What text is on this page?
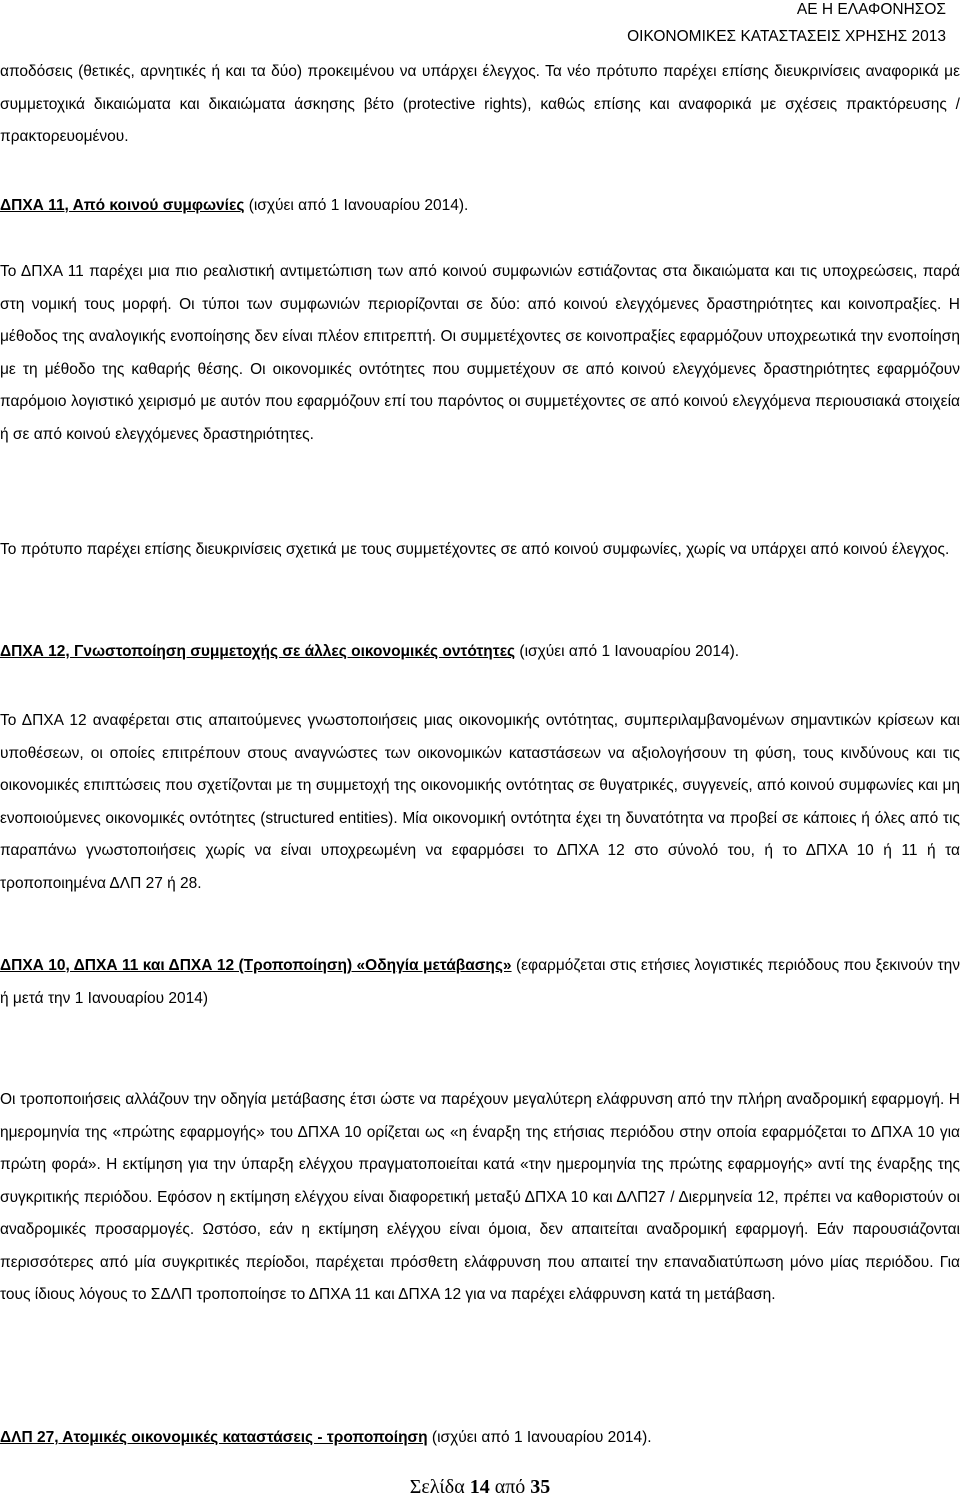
ΑΕ Η ΕΛΑΦΟΝΗΣΟΣ
ΟΙΚΟΝΟΜΙΚΕΣ ΚΑΤΑΣΤΑΣΕΙΣ ΧΡΗΣΗΣ 2013
αποδόσεις (θετικές, αρνητικές ή και τα δύο) προκειμένου να υπάρχει έλεγχος. Τα νέο πρότυπο παρέχει επίσης διευκρινίσεις αναφορικά με συμμετοχικά δικαιώματα και δικαιώματα άσκησης βέτο (protective rights), καθώς επίσης και αναφορικά με σχέσεις πρακτόρευσης / πρακτορευομένου.
ΔΠΧΑ 11, Από κοινού συμφωνίες (ισχύει από 1 Ιανουαρίου 2014).
Το ΔΠΧΑ 11 παρέχει μια πιο ρεαλιστική αντιμετώπιση των από κοινού συμφωνιών εστιάζοντας στα δικαιώματα και τις υποχρεώσεις, παρά στη νομική τους μορφή. Οι τύποι των συμφωνιών περιορίζονται σε δύο: από κοινού ελεγχόμενες δραστηριότητες και κοινοπραξίες. Η μέθοδος της αναλογικής ενοποίησης δεν είναι πλέον επιτρεπτή. Οι συμμετέχοντες σε κοινοπραξίες εφαρμόζουν υποχρεωτικά την ενοποίηση με τη μέθοδο της καθαρής θέσης. Οι οικονομικές οντότητες που συμμετέχουν σε από κοινού ελεγχόμενες δραστηριότητες εφαρμόζουν παρόμοιο λογιστικό χειρισμό με αυτόν που εφαρμόζουν επί του παρόντος οι συμμετέχοντες σε από κοινού ελεγχόμενα περιουσιακά στοιχεία ή σε από κοινού ελεγχόμενες δραστηριότητες.
Το πρότυπο παρέχει επίσης διευκρινίσεις σχετικά με τους συμμετέχοντες σε από κοινού συμφωνίες, χωρίς να υπάρχει από κοινού έλεγχος.
ΔΠΧΑ 12, Γνωστοποίηση συμμετοχής σε άλλες οικονομικές οντότητες (ισχύει από 1 Ιανουαρίου 2014).
Το ΔΠΧΑ 12 αναφέρεται στις απαιτούμενες γνωστοποιήσεις μιας οικονομικής οντότητας, συμπεριλαμβανομένων σημαντικών κρίσεων και υποθέσεων, οι οποίες επιτρέπουν στους αναγνώστες των οικονομικών καταστάσεων να αξιολογήσουν τη φύση, τους κινδύνους και τις οικονομικές επιπτώσεις που σχετίζονται με τη συμμετοχή της οικονομικής οντότητας σε θυγατρικές, συγγενείς, από κοινού συμφωνίες και μη ενοποιούμενες οικονομικές οντότητες (structured entities). Μία οικονομική οντότητα έχει τη δυνατότητα να προβεί σε κάποιες ή όλες από τις παραπάνω γνωστοποιήσεις χωρίς να είναι υποχρεωμένη να εφαρμόσει το ΔΠΧΑ 12 στο σύνολό του, ή το ΔΠΧΑ 10 ή 11 ή τα τροποποιημένα ΔΛΠ 27 ή 28.
ΔΠΧΑ 10, ΔΠΧΑ 11 και ΔΠΧΑ 12 (Τροποποίηση) «Οδηγία μετάβασης» (εφαρμόζεται στις ετήσιες λογιστικές περιόδους που ξεκινούν την ή μετά την 1 Ιανουαρίου 2014)
Οι τροποποιήσεις αλλάζουν την οδηγία μετάβασης έτσι ώστε να παρέχουν μεγαλύτερη ελάφρυνση από την πλήρη αναδρομική εφαρμογή. Η ημερομηνία της «πρώτης εφαρμογής» του ΔΠΧΑ 10 ορίζεται ως «η έναρξη της ετήσιας περιόδου στην οποία εφαρμόζεται το ΔΠΧΑ 10 για πρώτη φορά». Η εκτίμηση για την ύπαρξη ελέγχου πραγματοποιείται κατά «την ημερομηνία της πρώτης εφαρμογής» αντί της έναρξης της συγκριτικής περιόδου. Εφόσον η εκτίμηση ελέγχου είναι διαφορετική μεταξύ ΔΠΧΑ 10 και ΔΛΠ27 / Διερμηνεία 12, πρέπει να καθοριστούν οι αναδρομικές προσαρμογές. Ωστόσο, εάν η εκτίμηση ελέγχου είναι όμοια, δεν απαιτείται αναδρομική εφαρμογή. Εάν παρουσιάζονται περισσότερες από μία συγκριτικές περίοδοι, παρέχεται πρόσθετη ελάφρυνση που απαιτεί την επαναδιατύπωση μόνο μίας περιόδου. Για τους ίδιους λόγους το ΣΔΛΠ τροποποίησε το ΔΠΧΑ 11 και ΔΠΧΑ 12 για να παρέχει ελάφρυνση κατά τη μετάβαση.
ΔΛΠ 27, Ατομικές οικονομικές καταστάσεις - τροποποίηση (ισχύει από 1 Ιανουαρίου 2014).
Σελίδα 14 από 35
